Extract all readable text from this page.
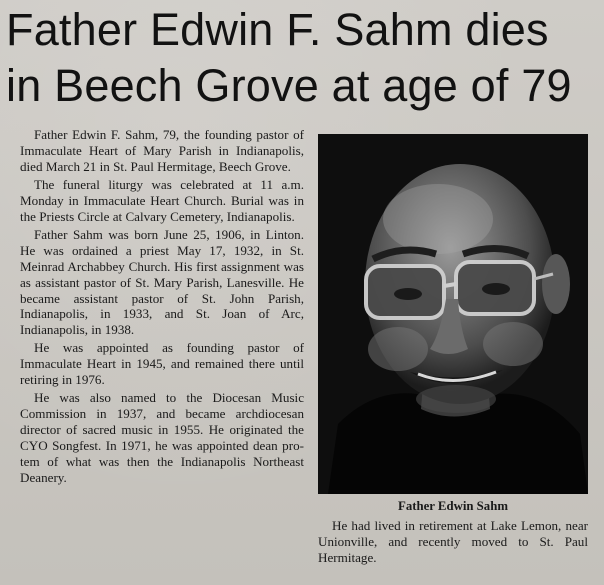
Father Edwin F. Sahm dies
in Beech Grove at age of 79

Father Edwin F. Sahm, 79, the founding pastor of Immaculate Heart of Mary Parish in Indianapolis, died March 21 in St. Paul Hermitage, Beech Grove.

The funeral liturgy was celebrated at 11 a.m. Monday in Immaculate Heart Church. Burial was in the Priests Circle at Calvary Cemetery, Indianapolis.

Father Sahm was born June 25, 1906, in Linton. He was ordained a priest May 17, 1932, in St. Meinrad Archabbey Church. His first assignment was as assistant pastor of St. Mary Parish, Lanesville. He became assistant pastor of St. John Parish, Indianapolis, in 1933, and St. Joan of Arc, Indianapolis, in 1938.

He was appointed as founding pastor of Immaculate Heart in 1945, and remained there until retiring in 1976.

He was also named to the Diocesan Music Commission in 1937, and became archdiocesan director of sacred music in 1955. He originated the CYO Songfest. In 1971, he was appointed dean pro-tem of what was then the Indianapolis Northeast Deanery.

Father Edwin Sahm

He had lived in retirement at Lake Lemon, near Unionville, and recently moved to St. Paul Hermitage.
